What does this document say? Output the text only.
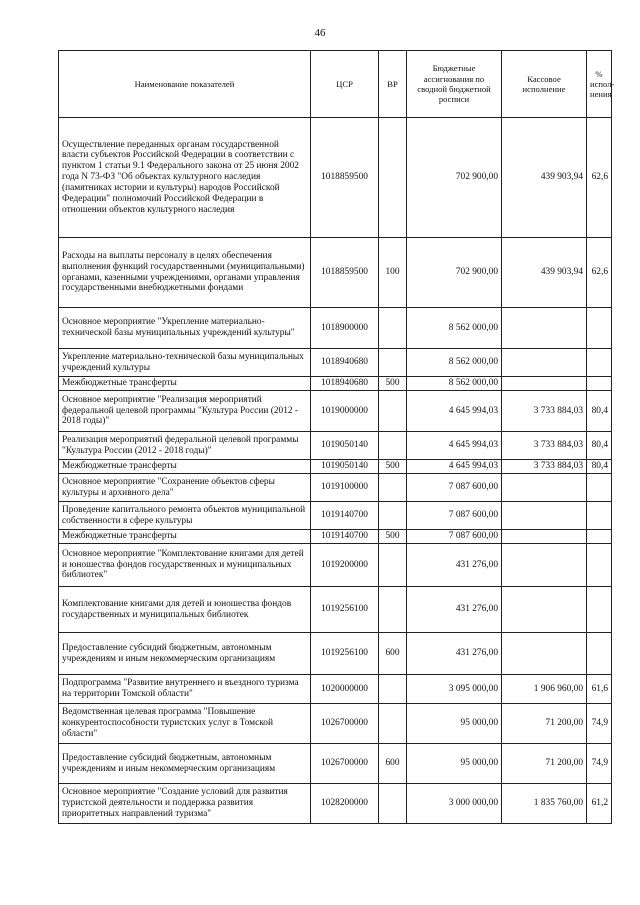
46
Наименование показателей	ЦСР	ВР	Бюджетные ассигнования по сводной бюджетной росписи	Кассовое исполнение	% испол-нения
Осуществление переданных органам государственной власти субъектов Российской Федерации в соответствии с пунктом 1 статьи 9.1 Федерального закона от 25 июня 2002 года N 73-ФЗ "Об объектах культурного наследия (памятниках истории и культуры) народов Российской Федерации" полномочий Российской Федерации в отношении объектов культурного наследия	1018859500		702 900,00	439 903,94	62,6
Расходы на выплаты персоналу в целях обеспечения выполнения функций государственными (муниципальными) органами, казенными учреждениями, органами управления государственными внебюджетными фондами	1018859500	100	702 900,00	439 903,94	62,6
Основное мероприятие "Укрепление материально-технической базы муниципальных учреждений культуры"	1018900000		8 562 000,00		
Укрепление материально-технической базы муниципальных учреждений культуры	1018940680		8 562 000,00		
Межбюджетные трансферты	1018940680	500	8 562 000,00		
Основное мероприятие "Реализация мероприятий федеральной целевой программы "Культура России (2012 - 2018 годы)"	1019000000		4 645 994,03	3 733 884,03	80,4
Реализация мероприятий федеральной целевой программы "Культура России (2012 - 2018 годы)"	1019050140		4 645 994,03	3 733 884,03	80,4
Межбюджетные трансферты	1019050140	500	4 645 994,03	3 733 884,03	80,4
Основное мероприятие "Сохранение объектов сферы культуры и архивного дела"	1019100000		7 087 600,00		
Проведение капитального ремонта объектов муниципальной собственности в сфере культуры	1019140700		7 087 600,00		
Межбюджетные трансферты	1019140700	500	7 087 600,00		
Основное мероприятие "Комплектование книгами для детей и юношества фондов государственных и муниципальных библиотек"	1019200000		431 276,00		
Комплектование книгами для детей и юношества фондов государственных и муниципальных библиотек	1019256100		431 276,00		
Предоставление субсидий бюджетным, автономным учреждениям и иным некоммерческим организациям	1019256100	600	431 276,00		
Подпрограмма "Развитие внутреннего и въездного туризма на территории Томской области"	1020000000		3 095 000,00	1 906 960,00	61,6
Ведомственная целевая программа "Повышение конкурентоспособности туристских услуг в Томской области"	1026700000		95 000,00	71 200,00	74,9
Предоставление субсидий бюджетным, автономным учреждениям и иным некоммерческим организациям	1026700000	600	95 000,00	71 200,00	74,9
Основное мероприятие "Создание условий для развития туристской деятельности и поддержка развития приоритетных направлений туризма"	1028200000		3 000 000,00	1 835 760,00	61,2
